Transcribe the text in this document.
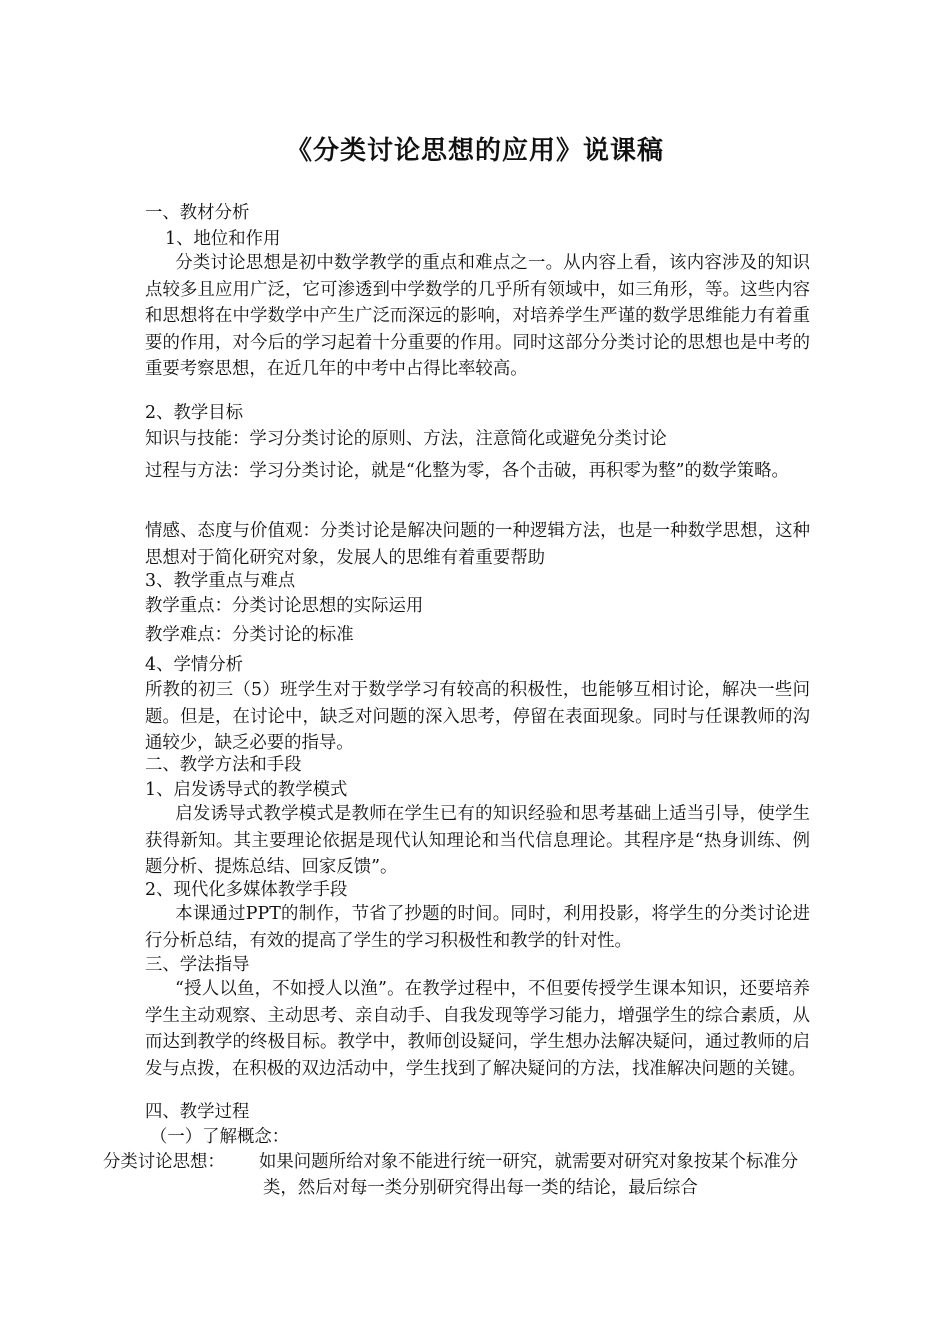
《分类讨论思想的应用》说课稿

一、教材分析

1、地位和作用

分类讨论思想是初中数学教学的重点和难点之一。从内容上看，该内容涉及的知识点较多且应用广泛，它可渗透到中学数学的几乎所有领域中，如三角形，等。这些内容和思想将在中学数学中产生广泛而深远的影响，对培养学生严谨的数学思维能力有着重要的作用，对今后的学习起着十分重要的作用。同时这部分分类讨论的思想也是中考的重要考察思想，在近几年的中考中占得比率较高。

2、教学目标

知识与技能：学习分类讨论的原则、方法，注意简化或避免分类讨论

过程与方法：学习分类讨论，就是“化整为零，各个击破，再积零为整”的数学策略。

情感、态度与价值观：分类讨论是解决问题的一种逻辑方法，也是一种数学思想，这种思想对于简化研究对象，发展人的思维有着重要帮助

3、教学重点与难点

教学重点：分类讨论思想的实际运用

教学难点：分类讨论的标准

4、学情分析

所教的初三（5）班学生对于数学学习有较高的积极性，也能够互相讨论，解决一些问题。但是，在讨论中，缺乏对问题的深入思考，停留在表面现象。同时与任课教师的沟通较少，缺乏必要的指导。

二、教学方法和手段

1、启发诱导式的教学模式

启发诱导式教学模式是教师在学生已有的知识经验和思考基础上适当引导，使学生获得新知。其主要理论依据是现代认知理论和当代信息理论。其程序是“热身训练、例题分析、提炼总结、回家反馈”。

2、现代化多媒体教学手段

本课通过PPT的制作，节省了抄题的时间。同时，利用投影，将学生的分类讨论进行分析总结，有效的提高了学生的学习积极性和教学的针对性。

三、学法指导

“授人以鱼，不如授人以渔”。在教学过程中，不但要传授学生课本知识，还要培养学生主动观察、主动思考、亲自动手、自我发现等学习能力，增强学生的综合素质，从而达到教学的终极目标。教学中，教师创设疑问，学生想办法解决疑问，通过教师的启发与点拨，在积极的双边活动中，学生找到了解决疑问的方法，找准解决问题的关键。

四、教学过程

（一）了解概念：

分类讨论思想： 如果问题所给对象不能进行统一研究，就需要对研究对象按某个标准分类，然后对每一类分别研究得出每一类的结论，最后综合
